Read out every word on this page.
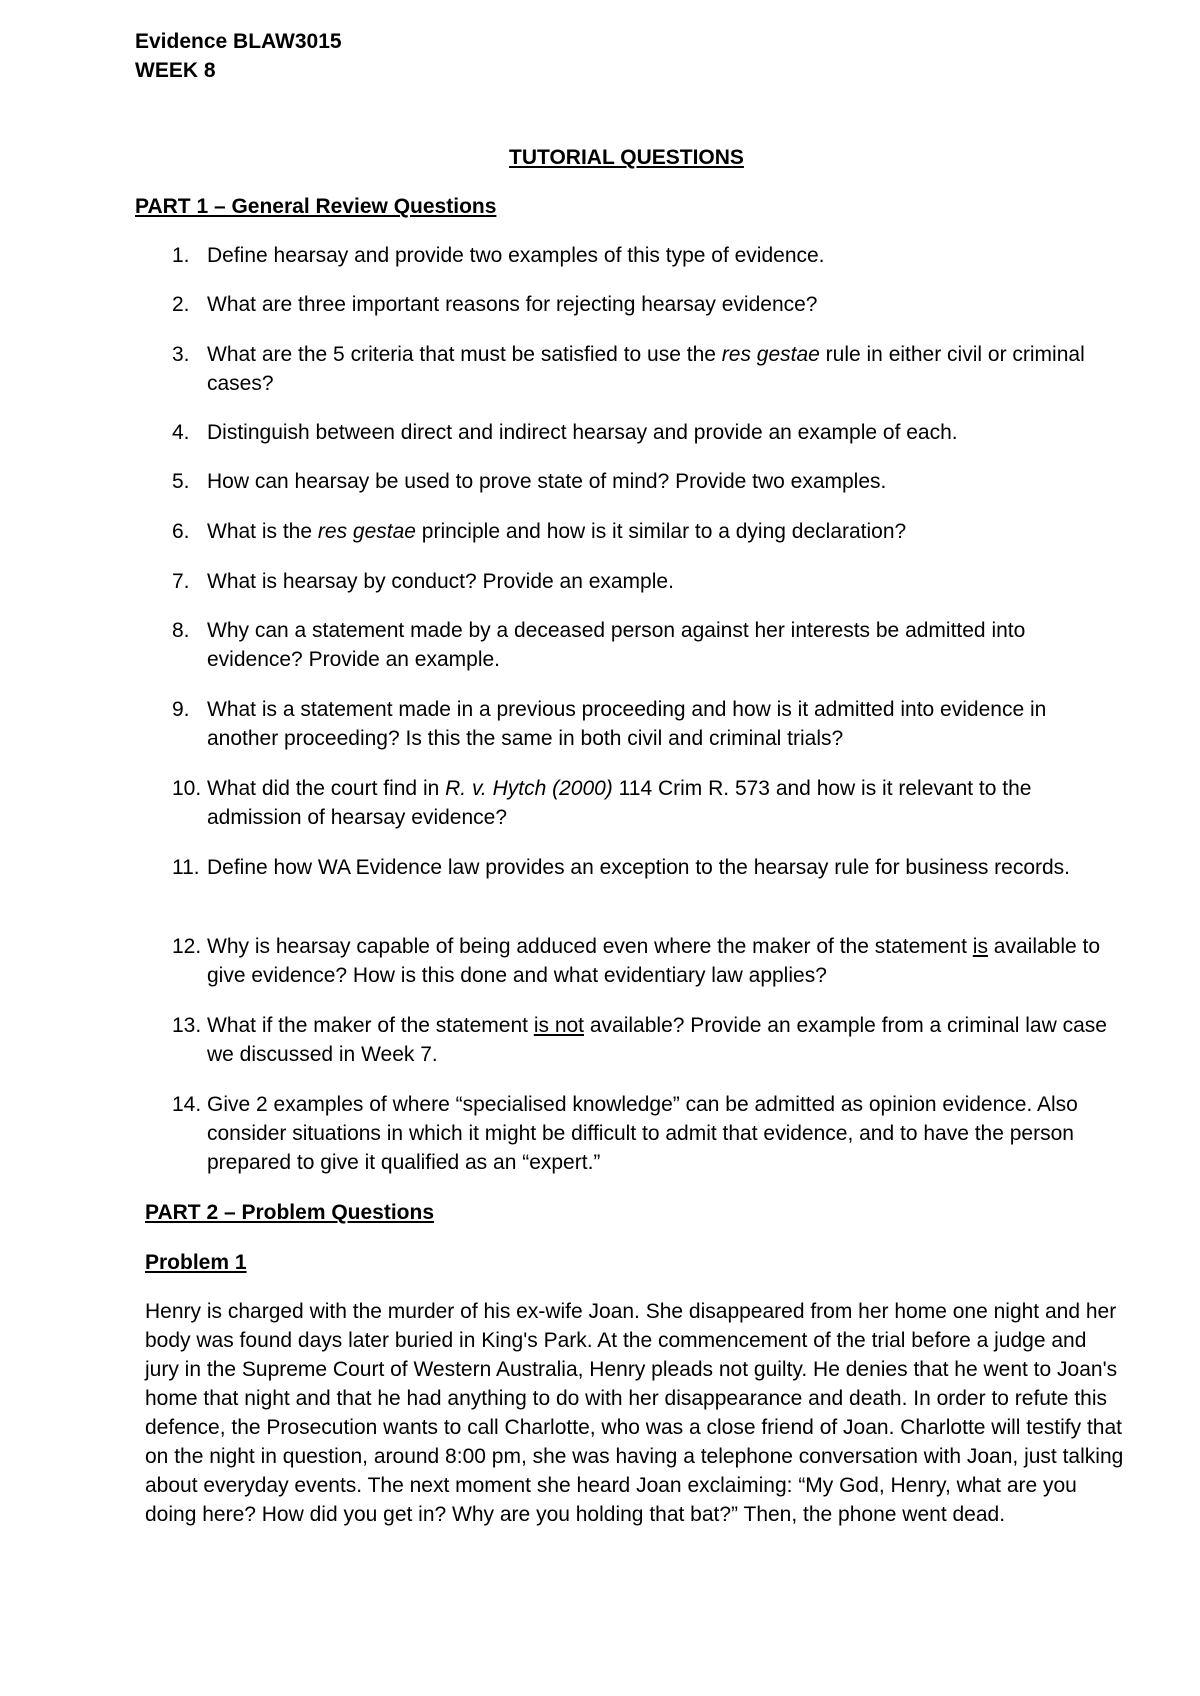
Evidence BLAW3015
WEEK 8
TUTORIAL QUESTIONS
PART 1 – General Review Questions
1. Define hearsay and provide two examples of this type of evidence.
2. What are three important reasons for rejecting hearsay evidence?
3. What are the 5 criteria that must be satisfied to use the res gestae rule in either civil or criminal cases?
4. Distinguish between direct and indirect hearsay and provide an example of each.
5. How can hearsay be used to prove state of mind? Provide two examples.
6. What is the res gestae principle and how is it similar to a dying declaration?
7. What is hearsay by conduct? Provide an example.
8. Why can a statement made by a deceased person against her interests be admitted into evidence? Provide an example.
9. What is a statement made in a previous proceeding and how is it admitted into evidence in another proceeding? Is this the same in both civil and criminal trials?
10. What did the court find in R. v. Hytch (2000) 114 Crim R. 573 and how is it relevant to the admission of hearsay evidence?
11. Define how WA Evidence law provides an exception to the hearsay rule for business records.
12. Why is hearsay capable of being adduced even where the maker of the statement is available to give evidence? How is this done and what evidentiary law applies?
13. What if the maker of the statement is not available? Provide an example from a criminal law case we discussed in Week 7.
14. Give 2 examples of where “specialised knowledge” can be admitted as opinion evidence. Also consider situations in which it might be difficult to admit that evidence, and to have the person prepared to give it qualified as an “expert.”
PART 2 – Problem Questions
Problem 1
Henry is charged with the murder of his ex-wife Joan. She disappeared from her home one night and her body was found days later buried in King's Park. At the commencement of the trial before a judge and jury in the Supreme Court of Western Australia, Henry pleads not guilty. He denies that he went to Joan's home that night and that he had anything to do with her disappearance and death. In order to refute this defence, the Prosecution wants to call Charlotte, who was a close friend of Joan. Charlotte will testify that on the night in question, around 8:00 pm, she was having a telephone conversation with Joan, just talking about everyday events. The next moment she heard Joan exclaiming: “My God, Henry, what are you doing here? How did you get in? Why are you holding that bat?” Then, the phone went dead.
